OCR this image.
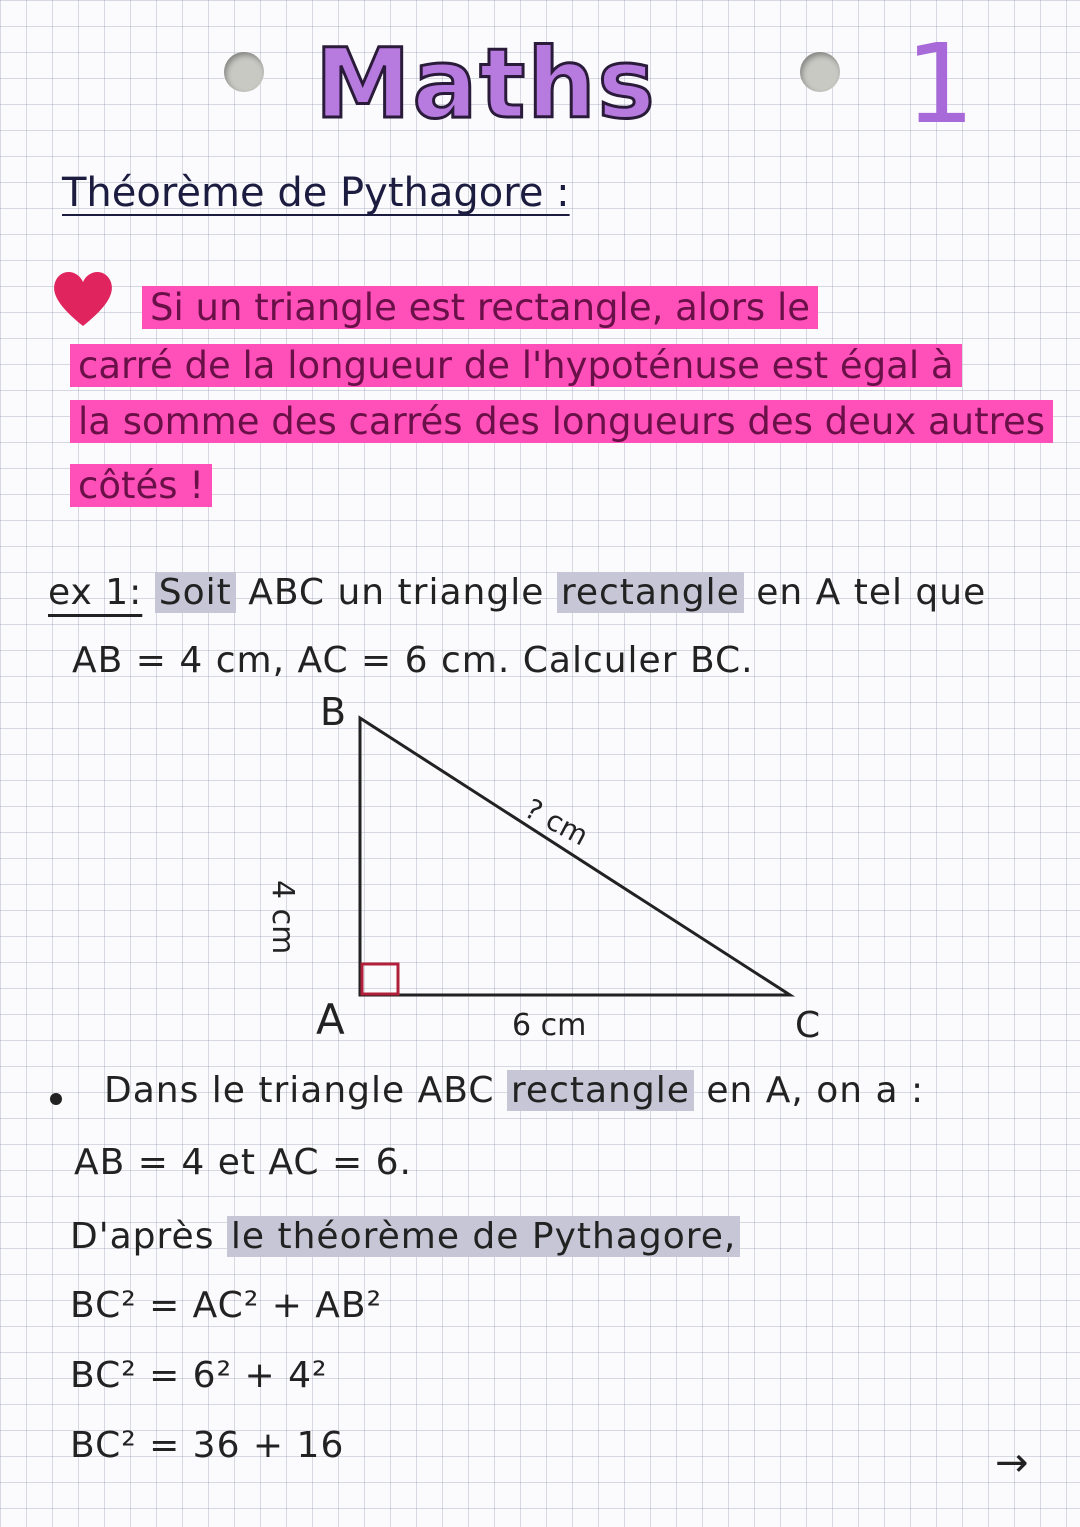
Maths 1
Théorème de Pythagore :
Si un triangle est rectangle, alors le
carré de la longueur de l'hypoténuse est égal à
la somme des carrés des longueurs des deux autres
côtés !
ex 1: Soit ABC un triangle rectangle en A tel que
AB = 4 cm, AC = 6 cm. Calculer BC.
B
A	C
6 cm
4 cm
? cm
Dans le triangle ABC rectangle en A, on a :
AB = 4 et AC = 6.
D'après le théorème de Pythagore,
BC² = AC² + AB²
BC² = 6² + 4²
BC² = 36 + 16	→
